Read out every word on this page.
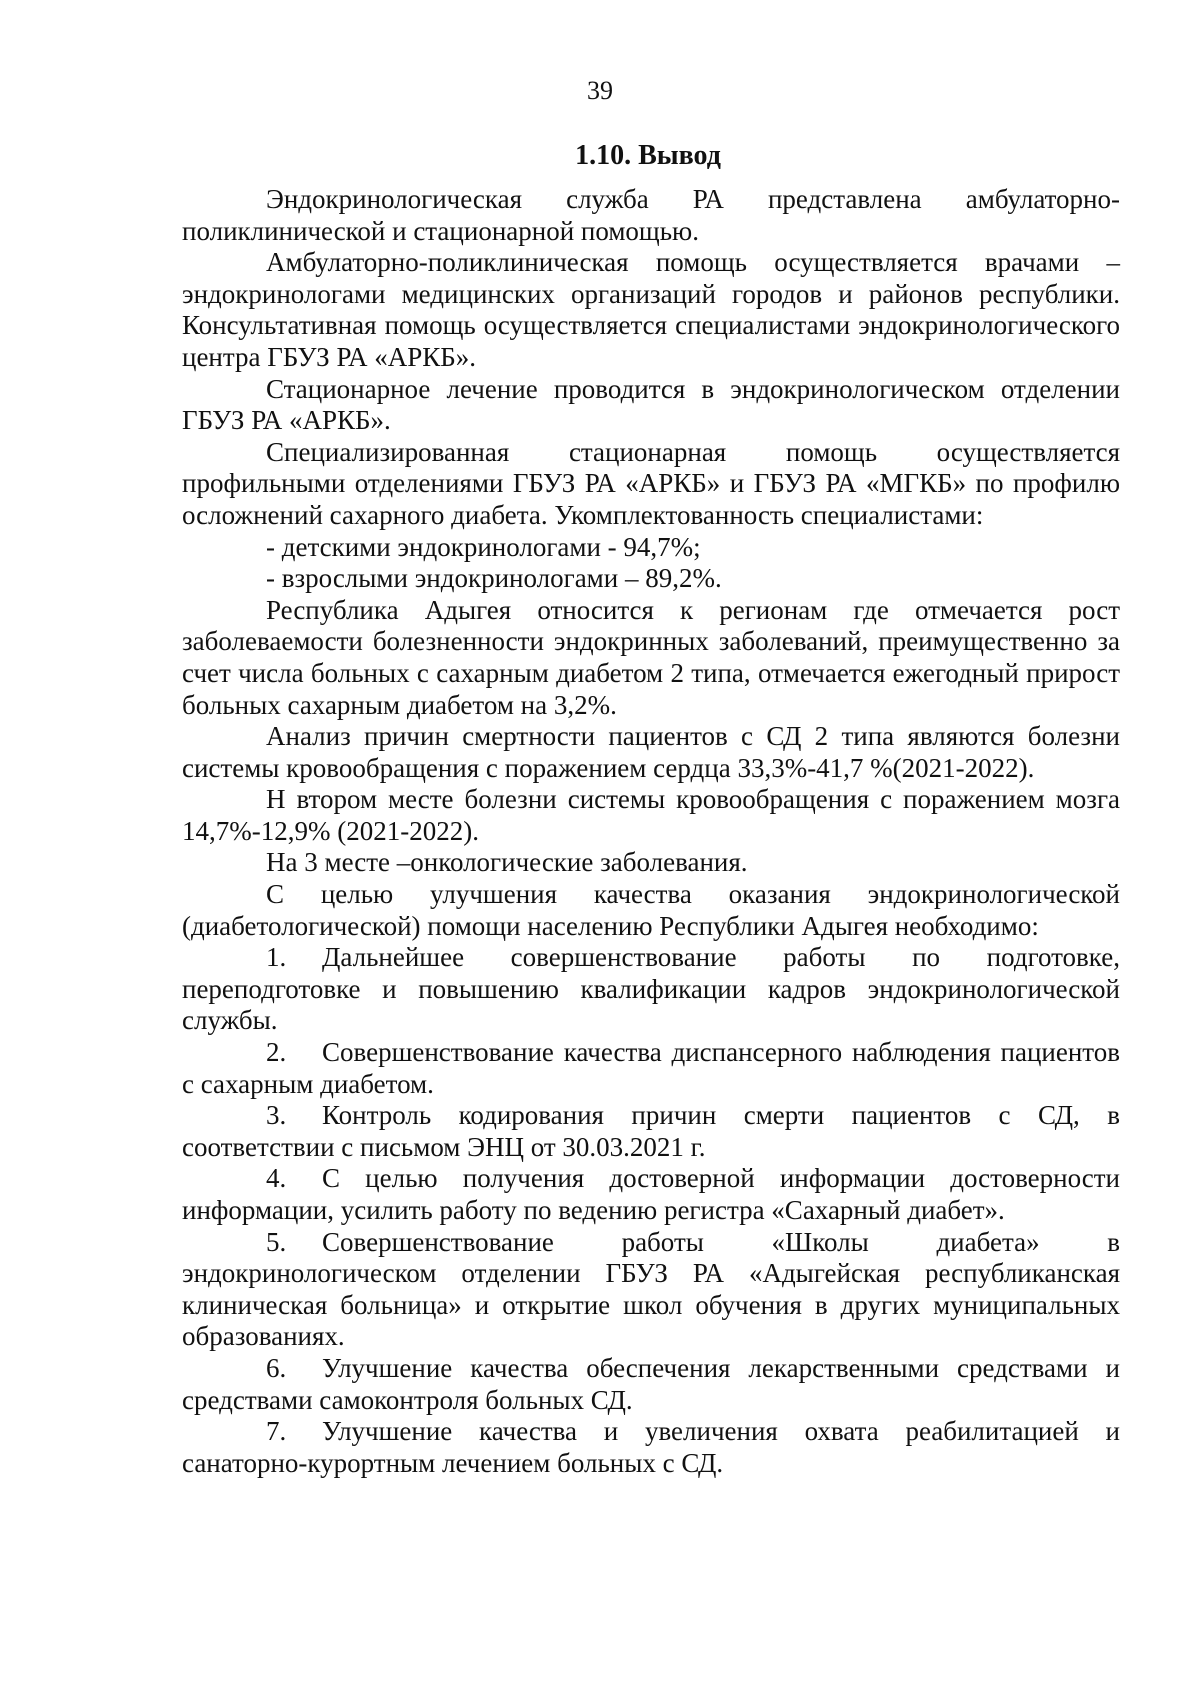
39
1.10. Вывод

Эндокринологическая служба РА представлена амбулаторно-поликлинической и стационарной помощью.

Амбулаторно-поликлиническая помощь осуществляется врачами – эндокринологами медицинских организаций городов и районов республики. Консультативная помощь осуществляется специалистами эндокринологического центра ГБУЗ РА «АРКБ».

Стационарное лечение проводится в эндокринологическом отделении ГБУЗ РА «АРКБ».

Специализированная стационарная помощь осуществляется профильными отделениями ГБУЗ РА «АРКБ» и ГБУЗ РА «МГКБ» по профилю осложнений сахарного диабета. Укомплектованность специалистами:

- детскими эндокринологами - 94,7%;

- взрослыми эндокринологами – 89,2%.

Республика Адыгея относится к регионам где отмечается рост заболеваемости болезненности эндокринных заболеваний, преимущественно за счет числа больных с сахарным диабетом 2 типа, отмечается ежегодный прирост больных сахарным диабетом на 3,2%.

Анализ причин смертности пациентов с СД 2 типа являются болезни системы кровообращения с поражением сердца 33,3%-41,7 %(2021-2022).

Н втором месте болезни системы кровообращения с поражением мозга 14,7%-12,9% (2021-2022).

На 3 месте –онкологические заболевания.

С целью улучшения качества оказания эндокринологической (диабетологической) помощи населению Республики Адыгея необходимо:

1. Дальнейшее совершенствование работы по подготовке, переподготовке и повышению квалификации кадров эндокринологической службы.

2. Совершенствование качества диспансерного наблюдения пациентов с сахарным диабетом.

3. Контроль кодирования причин смерти пациентов с СД, в соответствии с письмом ЭНЦ от 30.03.2021 г.

4. С целью получения достоверной информации достоверности информации, усилить работу по ведению регистра «Сахарный диабет».

5. Совершенствование работы «Школы диабета» в эндокринологическом отделении ГБУЗ РА «Адыгейская республиканская клиническая больница» и открытие школ обучения в других муниципальных образованиях.

6. Улучшение качества обеспечения лекарственными средствами и средствами самоконтроля больных СД.

7. Улучшение качества и увеличения охвата реабилитацией и санаторно-курортным лечением больных с СД.
